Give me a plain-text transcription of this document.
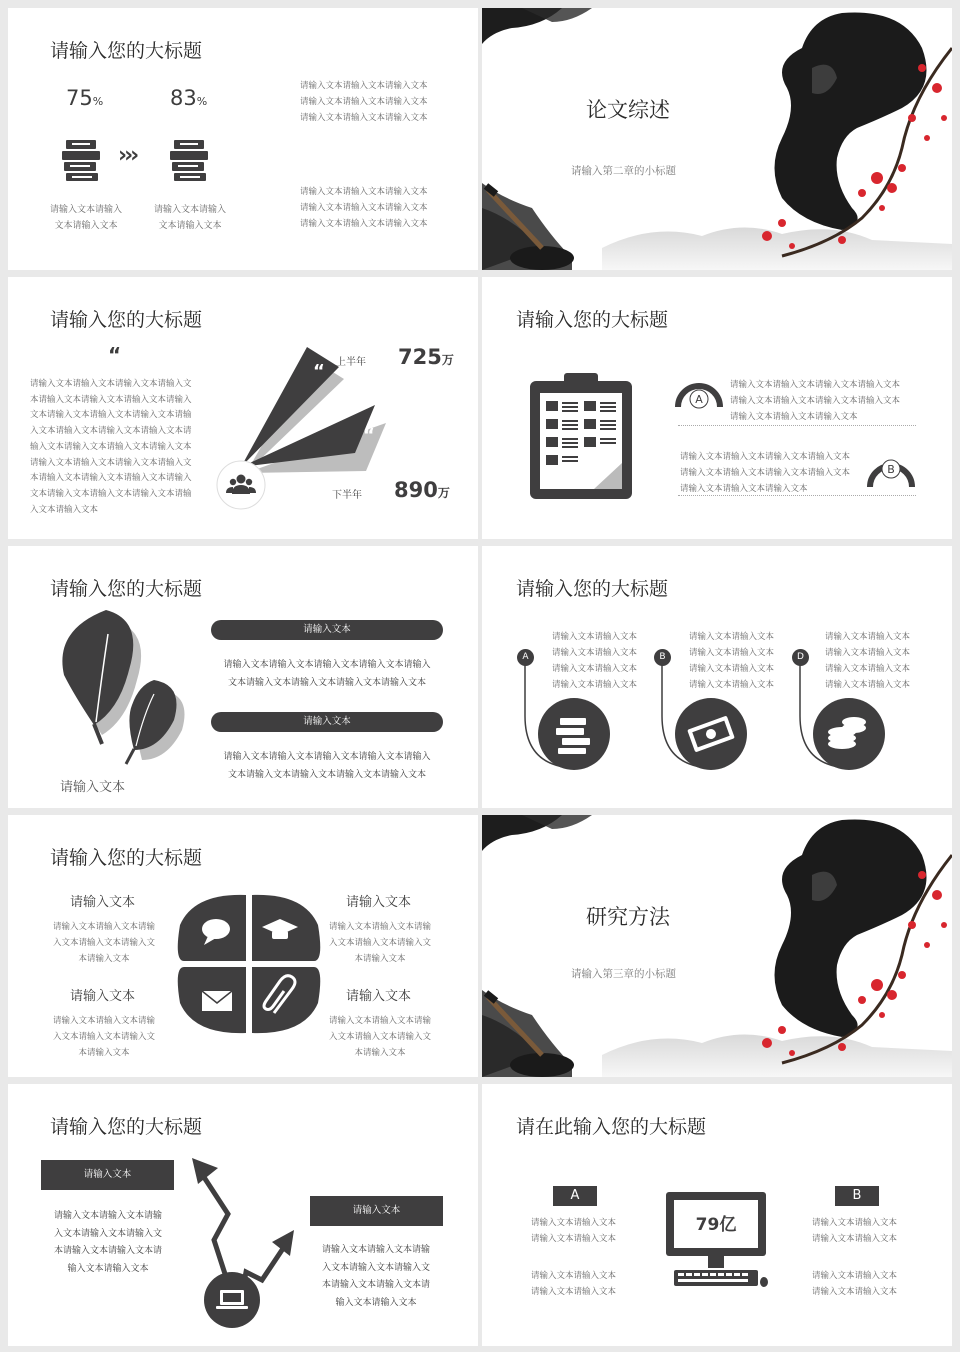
请输入您的大标题
75%	83%
›››
请输入文本请输入
文本请输入文本
请输入文本请输入
文本请输入文本
请输入文本请输入文本请输入文本
请输入文本请输入文本请输入文本
请输入文本请输入文本请输入文本
请输入文本请输入文本请输入文本
请输入文本请输入文本请输入文本
请输入文本请输入文本请输入文本
论文综述
请输入第二章的小标题
请输入您的大标题
“
请输入文本请输入文本请输入文本请输入文
本请输入文本请输入文本请输入文本请输入
文本请输入文本请输入文本请输入文本请输
入文本请输入文本请输入文本请输入文本请
输入文本请输入文本请输入文本请输入文本
请输入文本请输入文本请输入文本请输入文
本请输入文本请输入文本请输入文本请输入
文本请输入文本请输入文本请输入文本请输
入文本请输入文本
“
“
上半年 725万
下半年 890万
请输入您的大标题
A
请输入文本请输入文本请输入文本请输入文本
请输入文本请输入文本请输入文本请输入文本
请输入文本请输入文本请输入文本
请输入文本请输入文本请输入文本请输入文本
请输入文本请输入文本请输入文本请输入文本
请输入文本请输入文本请输入文本
B
请输入您的大标题
请输入文本
请输入文本
请输入文本请输入文本请输入文本请输入文本请输入
文本请输入文本请输入文本请输入文本请输入文本
请输入文本
请输入文本请输入文本请输入文本请输入文本请输入
文本请输入文本请输入文本请输入文本请输入文本
请输入您的大标题
A
请输入文本请输入文本
请输入文本请输入文本
请输入文本请输入文本
请输入文本请输入文本
B
请输入文本请输入文本
请输入文本请输入文本
请输入文本请输入文本
请输入文本请输入文本
D
请输入文本请输入文本
请输入文本请输入文本
请输入文本请输入文本
请输入文本请输入文本
请输入您的大标题
请输入文本
请输入文本请输入文本请输
入文本请输入文本请输入文
本请输入文本
请输入文本
请输入文本请输入文本请输
入文本请输入文本请输入文
本请输入文本
请输入文本
请输入文本请输入文本请输
入文本请输入文本请输入文
本请输入文本
请输入文本
请输入文本请输入文本请输
入文本请输入文本请输入文
本请输入文本
研究方法
请输入第三章的小标题
请输入您的大标题
请输入文本
请输入文本请输入文本请输
入文本请输入文本请输入文
本请输入文本请输入文本请
输入文本请输入文本
请输入文本
请输入文本请输入文本请输
入文本请输入文本请输入文
本请输入文本请输入文本请
输入文本请输入文本
请在此输入您的大标题
A
请输入文本请输入文本
请输入文本请输入文本
请输入文本请输入文本
请输入文本请输入文本
B
请输入文本请输入文本
请输入文本请输入文本
请输入文本请输入文本
请输入文本请输入文本
79亿
